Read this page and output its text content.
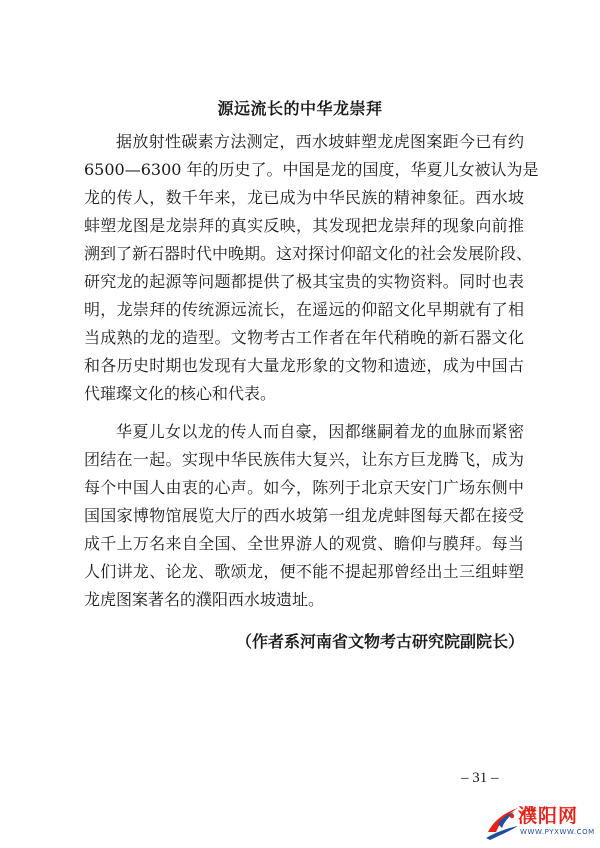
源远流长的中华龙崇拜
据放射性碳素方法测定，西水坡蚌塑龙虎图案距今已有约
6500—6300 年的历史了。中国是龙的国度，华夏儿女被认为是
龙的传人，数千年来，龙已成为中华民族的精神象征。西水坡
蚌塑龙图是龙崇拜的真实反映，其发现把龙崇拜的现象向前推
溯到了新石器时代中晚期。这对探讨仰韶文化的社会发展阶段、
研究龙的起源等问题都提供了极其宝贵的实物资料。同时也表
明，龙崇拜的传统源远流长，在遥远的仰韶文化早期就有了相
当成熟的龙的造型。文物考古工作者在年代稍晚的新石器文化
和各历史时期也发现有大量龙形象的文物和遗迹，成为中国古
代璀璨文化的核心和代表。
华夏儿女以龙的传人而自豪，因都继嗣着龙的血脉而紧密
团结在一起。实现中华民族伟大复兴，让东方巨龙腾飞，成为
每个中国人由衷的心声。如今，陈列于北京天安门广场东侧中
国国家博物馆展览大厅的西水坡第一组龙虎蚌图每天都在接受
成千上万名来自全国、全世界游人的观赏、瞻仰与膜拜。每当
人们讲龙、论龙、歌颂龙，便不能不提起那曾经出土三组蚌塑
龙虎图案著名的濮阳西水坡遗址。
（作者系河南省文物考古研究院副院长）
– 31 –
濮阳网
WWW.PYXWW.COM
